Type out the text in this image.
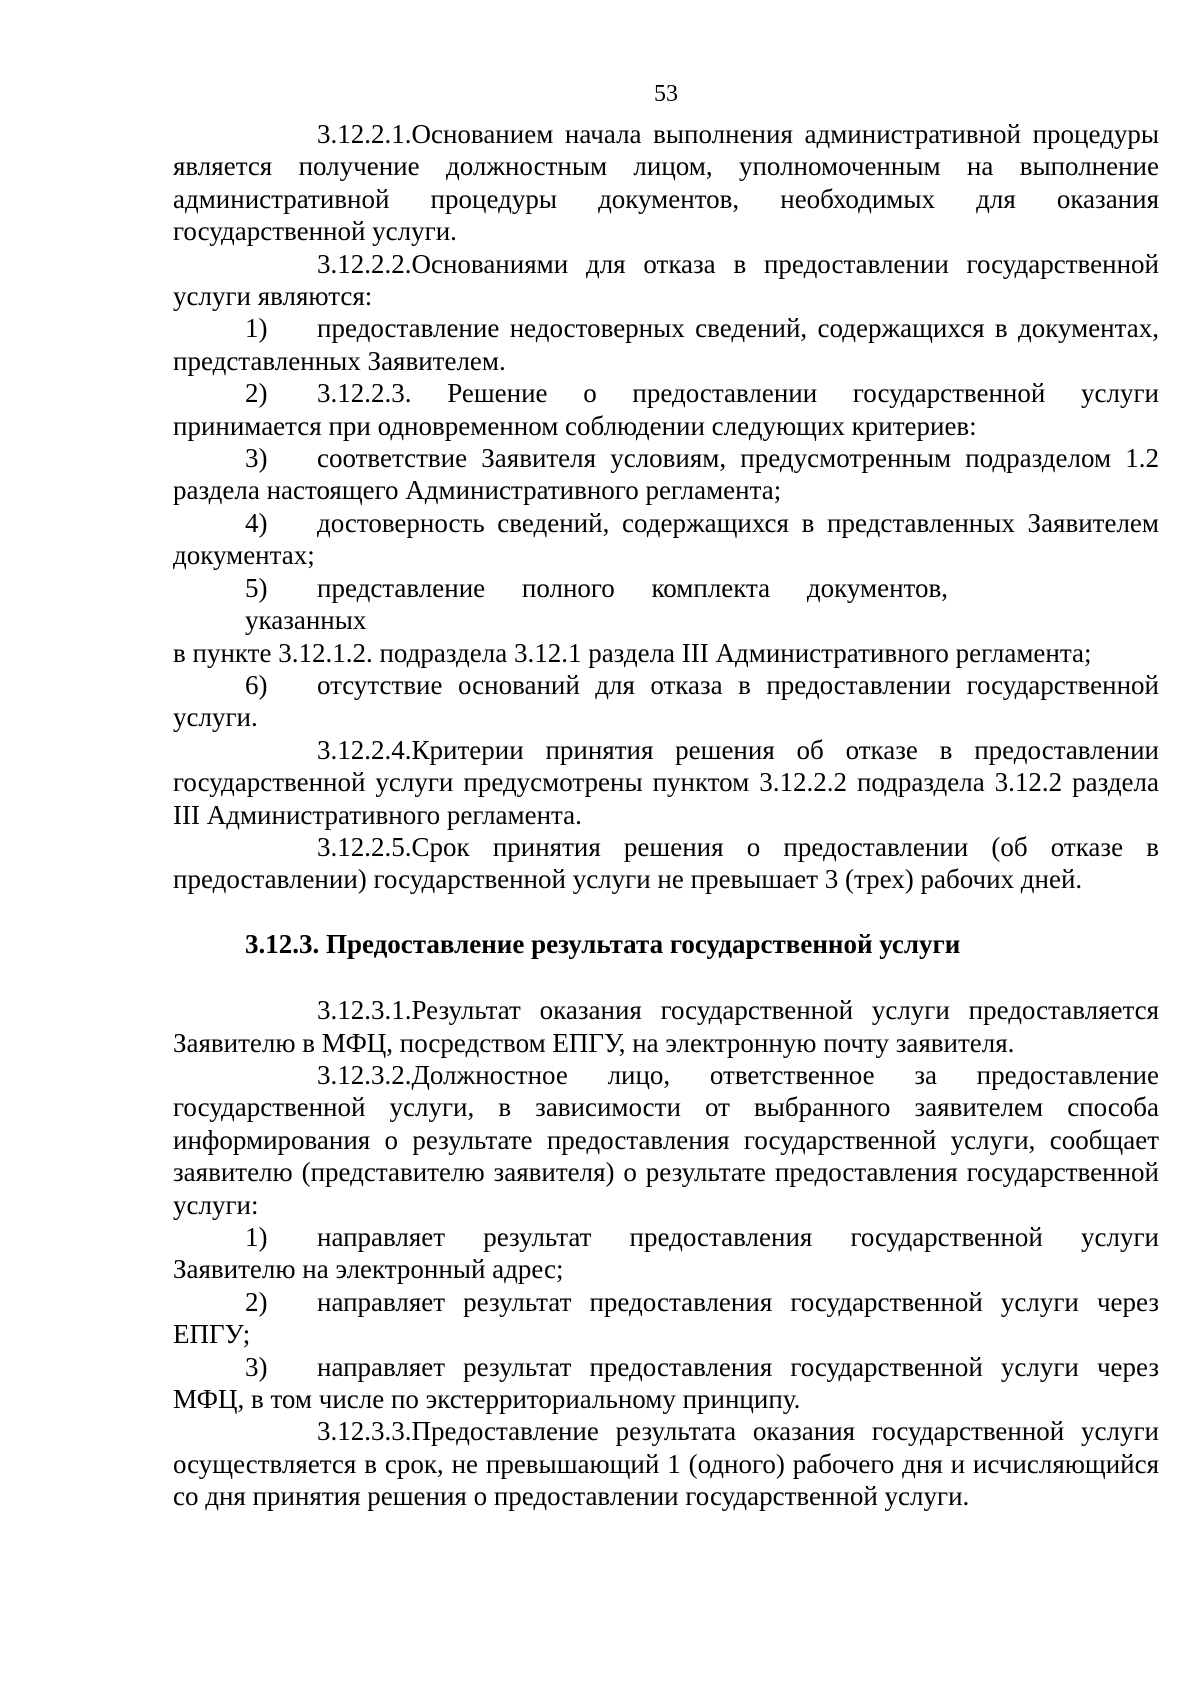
53

3.12.2.1.Основанием начала выполнения административной процедуры является получение должностным лицом, уполномоченным на выполнение административной процедуры документов, необходимых для оказания государственной услуги.

3.12.2.2.Основаниями для отказа в предоставлении государственной услуги являются:

1) предоставление недостоверных сведений, содержащихся в документах, представленных Заявителем.

2) 3.12.2.3. Решение о предоставлении государственной услуги принимается при одновременном соблюдении следующих критериев:

3) соответствие Заявителя условиям, предусмотренным подразделом 1.2 раздела настоящего Административного регламента;

4) достоверность сведений, содержащихся в представленных Заявителем документах;

5) представление полного комплекта документов,
указанных
в пункте 3.12.1.2. подраздела 3.12.1 раздела III Административного регламента;

6) отсутствие оснований для отказа в предоставлении государственной услуги.

3.12.2.4.Критерии принятия решения об отказе в предоставлении государственной услуги предусмотрены пунктом 3.12.2.2 подраздела 3.12.2 раздела III Административного регламента.

3.12.2.5.Срок принятия решения о предоставлении (об отказе в предоставлении) государственной услуги не превышает 3 (трех) рабочих дней.

3.12.3. Предоставление результата государственной услуги

3.12.3.1.Результат оказания государственной услуги предоставляется Заявителю в МФЦ, посредством ЕПГУ, на электронную почту заявителя.

3.12.3.2.Должностное лицо, ответственное за предоставление государственной услуги, в зависимости от выбранного заявителем способа информирования о результате предоставления государственной услуги, сообщает заявителю (представителю заявителя) о результате предоставления государственной услуги:

1) направляет результат предоставления государственной услуги Заявителю на электронный адрес;

2) направляет результат предоставления государственной услуги через ЕПГУ;

3) направляет результат предоставления государственной услуги через МФЦ, в том числе по экстерриториальному принципу.

3.12.3.3.Предоставление результата оказания государственной услуги осуществляется в срок, не превышающий 1 (одного) рабочего дня и исчисляющийся со дня принятия решения о предоставлении государственной услуги.
